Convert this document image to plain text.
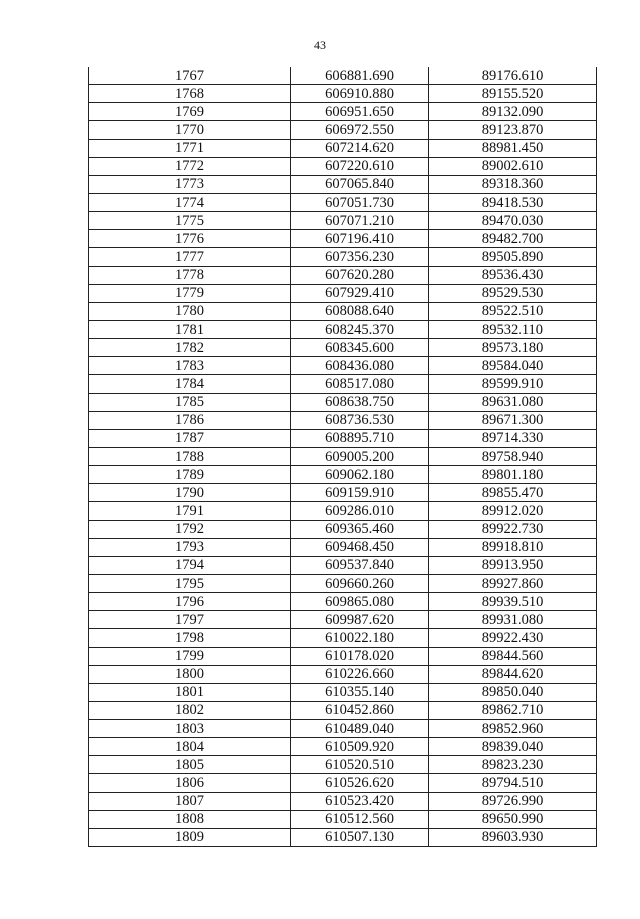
43
1767	606881.690	89176.610
1768	606910.880	89155.520
1769	606951.650	89132.090
1770	606972.550	89123.870
1771	607214.620	88981.450
1772	607220.610	89002.610
1773	607065.840	89318.360
1774	607051.730	89418.530
1775	607071.210	89470.030
1776	607196.410	89482.700
1777	607356.230	89505.890
1778	607620.280	89536.430
1779	607929.410	89529.530
1780	608088.640	89522.510
1781	608245.370	89532.110
1782	608345.600	89573.180
1783	608436.080	89584.040
1784	608517.080	89599.910
1785	608638.750	89631.080
1786	608736.530	89671.300
1787	608895.710	89714.330
1788	609005.200	89758.940
1789	609062.180	89801.180
1790	609159.910	89855.470
1791	609286.010	89912.020
1792	609365.460	89922.730
1793	609468.450	89918.810
1794	609537.840	89913.950
1795	609660.260	89927.860
1796	609865.080	89939.510
1797	609987.620	89931.080
1798	610022.180	89922.430
1799	610178.020	89844.560
1800	610226.660	89844.620
1801	610355.140	89850.040
1802	610452.860	89862.710
1803	610489.040	89852.960
1804	610509.920	89839.040
1805	610520.510	89823.230
1806	610526.620	89794.510
1807	610523.420	89726.990
1808	610512.560	89650.990
1809	610507.130	89603.930
